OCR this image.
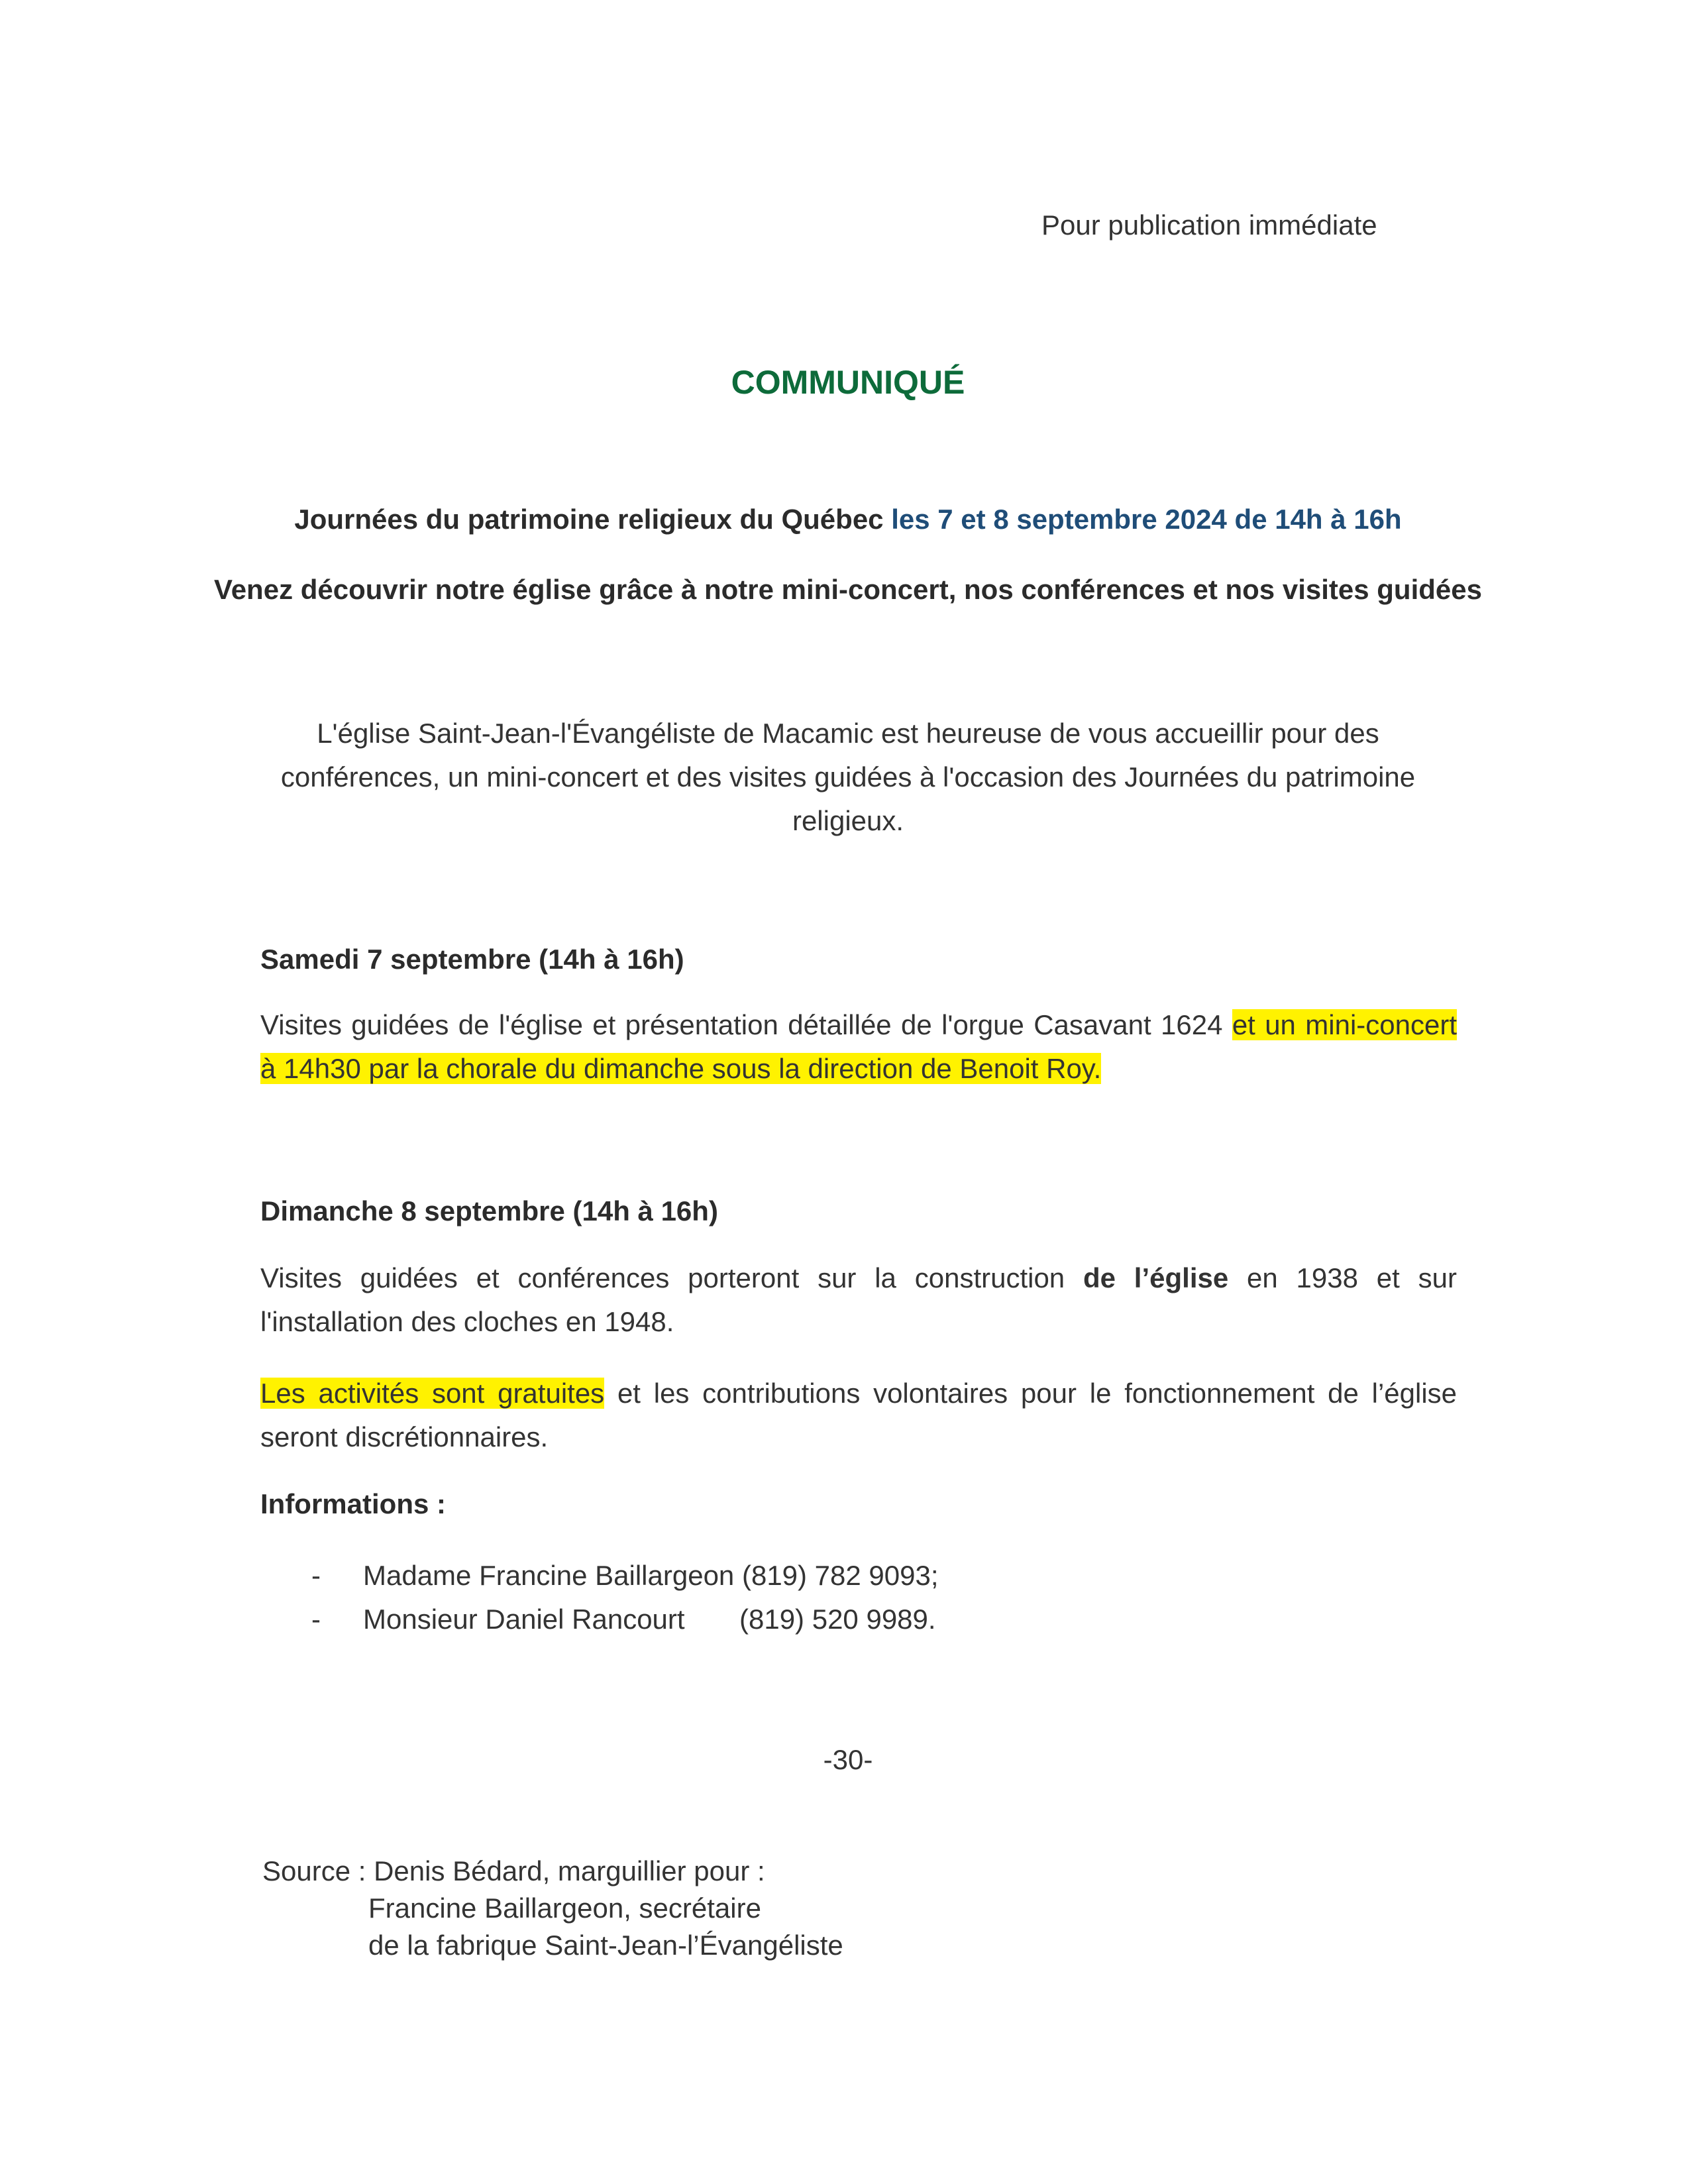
Pour publication immédiate
COMMUNIQUÉ
Journées du patrimoine religieux du Québec les 7 et 8 septembre 2024 de 14h à 16h
Venez découvrir notre église grâce à notre mini-concert, nos conférences et nos visites guidées
L'église Saint-Jean-l'Évangéliste de Macamic est heureuse de vous accueillir pour des conférences, un mini-concert et des visites guidées à l'occasion des Journées du patrimoine religieux.
Samedi 7 septembre (14h à 16h)
Visites guidées de l'église et présentation détaillée de l'orgue Casavant 1624 et un mini-concert à 14h30 par la chorale du dimanche sous la direction de Benoit Roy.
Dimanche 8 septembre (14h à 16h)
Visites guidées et conférences porteront sur la construction de l’église en 1938 et sur l'installation des cloches en 1948.
Les activités sont gratuites et les contributions volontaires pour le fonctionnement de l’église seront discrétionnaires.
Informations :
- Madame Francine Baillargeon (819) 782 9093;
- Monsieur Daniel Rancourt (819) 520 9989.
-30-
Source : Denis Bédard, marguillier pour :
Francine Baillargeon, secrétaire
de la fabrique Saint-Jean-l’Évangéliste
